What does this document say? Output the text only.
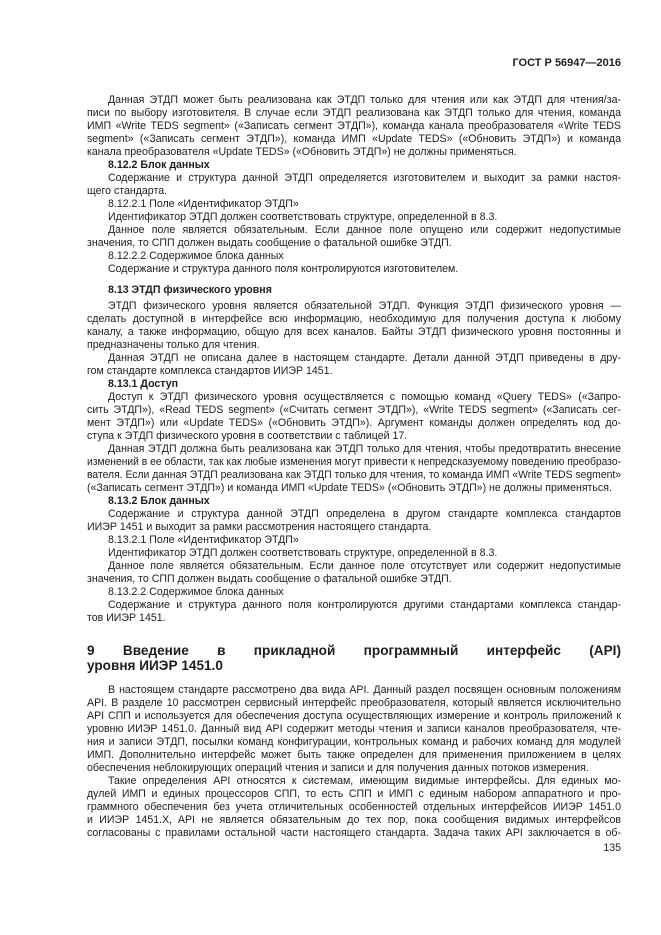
ГОСТ Р 56947—2016
Данная ЭТДП может быть реализована как ЭТДП только для чтения или как ЭТДП для чтения/за-
писи по выбору изготовителя. В случае если ЭТДП реализована как ЭТДП только для чтения, команда
ИМП «Write TEDS segment» («Записать сегмент ЭТДП»), команда канала преобразователя «Write TEDS
segment» («Записать сегмент ЭТДП»), команда ИМП «Update TEDS» («Обновить ЭТДП») и команда
канала преобразователя «Update TEDS» («Обновить ЭТДП») не должны применяться.
8.12.2 Блок данных
Содержание и структура данной ЭТДП определяется изготовителем и выходит за рамки настоя-
щего стандарта.
8.12.2.1 Поле «Идентификатор ЭТДП»
Идентификатор ЭТДП должен соответствовать структуре, определенной в 8.3.
Данное поле является обязательным. Если данное поле опущено или содержит недопустимые
значения, то СПП должен выдать сообщение о фатальной ошибке ЭТДП.
8.12.2.2 Содержимое блока данных
Содержание и структура данного поля контролируются изготовителем.
8.13 ЭТДП физического уровня
ЭТДП физического уровня является обязательной ЭТДП. Функция ЭТДП физического уровня —
сделать доступной в интерфейсе всю информацию, необходимую для получения доступа к любому
каналу, а также информацию, общую для всех каналов. Байты ЭТДП физического уровня постоянны и
предназначены только для чтения.
Данная ЭТДП не описана далее в настоящем стандарте. Детали данной ЭТДП приведены в дру-
гом стандарте комплекса стандартов ИИЭР 1451.
8.13.1 Доступ
Доступ к ЭТДП физического уровня осуществляется с помощью команд «Query TEDS» («Запро-
сить ЭТДП»), «Read TEDS segment» («Считать сегмент ЭТДП»), «Write TEDS segment» («Записать сег-
мент ЭТДП») или «Update TEDS» («Обновить ЭТДП»). Аргумент команды должен определять код до-
ступа к ЭТДП физического уровня в соответствии с таблицей 17.
Данная ЭТДП должна быть реализована как ЭТДП только для чтения, чтобы предотвратить внесение
изменений в ее области, так как любые изменения могут привести к непредсказуемому поведению преобразо-
вателя. Если данная ЭТДП реализована как ЭТДП только для чтения, то команда ИМП «Write TEDS segment»
(«Записать сегмент ЭТДП») и команда ИМП «Update TEDS» («Обновить ЭТДП») не должны применяться.
8.13.2 Блок данных
Содержание и структура данной ЭТДП определена в другом стандарте комплекса стандартов
ИИЭР 1451 и выходит за рамки рассмотрения настоящего стандарта.
8.13.2.1 Поле «Идентификатор ЭТДП»
Идентификатор ЭТДП должен соответствовать структуре, определенной в 8.3.
Данное поле является обязательным. Если данное поле отсутствует или содержит недопустимые
значения, то СПП должен выдать сообщение о фатальной ошибке ЭТДП.
8.13.2.2 Содержимое блока данных
Содержание и структура данного поля контролируются другими стандартами комплекса стандар-
тов ИИЭР 1451.
9 Введение в прикладной программный интерфейс (API)
уровня ИИЭР 1451.0
В настоящем стандарте рассмотрено два вида API. Данный раздел посвящен основным положениям
API. В разделе 10 рассмотрен сервисный интерфейс преобразователя, который является исключительно
API СПП и используется для обеспечения доступа осуществляющих измерение и контроль приложений к
уровню ИИЭР 1451.0. Данный вид API содержит методы чтения и записи каналов преобразователя, чте-
ния и записи ЭТДП, посылки команд конфигурации, контрольных команд и рабочих команд для модулей
ИМП. Дополнительно интерфейс может быть также определен для применения приложением в целях
обеспечения неблокирующих операций чтения и записи и для получения данных потоков измерения.
Такие определения API относятся к системам, имеющим видимые интерфейсы. Для единых мо-
дулей ИМП и единых процессоров СПП, то есть СПП и ИМП с единым набором аппаратного и про-
граммного обеспечения без учета отличительных особенностей отдельных интерфейсов ИИЭР 1451.0
и ИИЭР 1451.X, API не является обязательным до тех пор, пока сообщения видимых интерфейсов
согласованы с правилами остальной части настоящего стандарта. Задача таких API заключается в об-
135
